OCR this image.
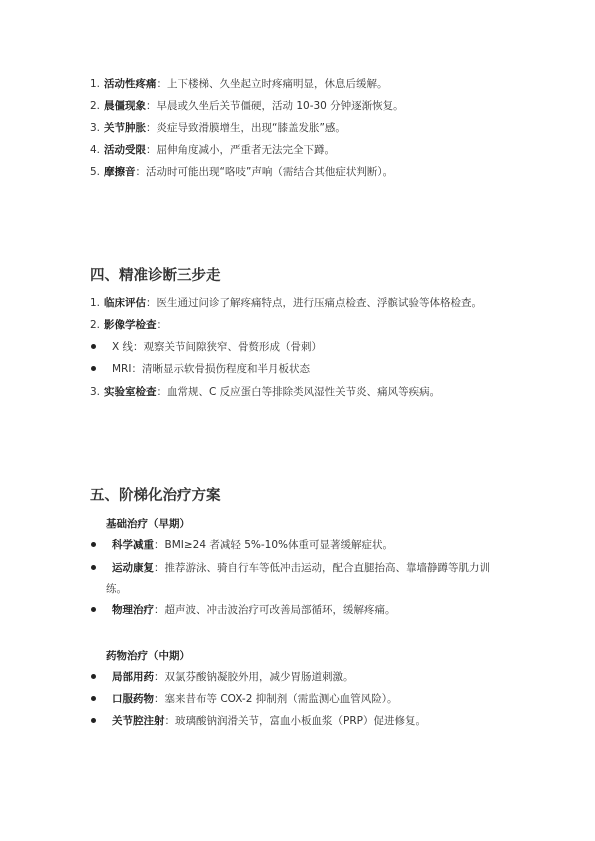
1. 活动性疼痛：上下楼梯、久坐起立时疼痛明显，休息后缓解。
2. 晨僵现象：早晨或久坐后关节僵硬，活动 10-30 分钟逐渐恢复。
3. 关节肿胀：炎症导致滑膜增生，出现“膝盖发胀”感。
4. 活动受限：屈伸角度减小，严重者无法完全下蹲。
5. 摩擦音：活动时可能出现“咯吱”声响（需结合其他症状判断）。
四、精准诊断三步走
1. 临床评估：医生通过问诊了解疼痛特点，进行压痛点检查、浮髌试验等体格检查。
2. 影像学检查：
X 线：观察关节间隙狭窄、骨赘形成（骨刺）
MRI：清晰显示软骨损伤程度和半月板状态
3. 实验室检查：血常规、C 反应蛋白等排除类风湿性关节炎、痛风等疾病。
五、阶梯化治疗方案
基础治疗（早期）
科学减重：BMI≥24 者减轻 5%-10%体重可显著缓解症状。
运动康复：推荐游泳、骑自行车等低冲击运动，配合直腿抬高、靠墙静蹲等肌力训
练。
物理治疗：超声波、冲击波治疗可改善局部循环，缓解疼痛。
药物治疗（中期）
局部用药：双氯芬酸钠凝胶外用，减少胃肠道刺激。
口服药物：塞来昔布等 COX-2 抑制剂（需监测心血管风险）。
关节腔注射：玻璃酸钠润滑关节，富血小板血浆（PRP）促进修复。
